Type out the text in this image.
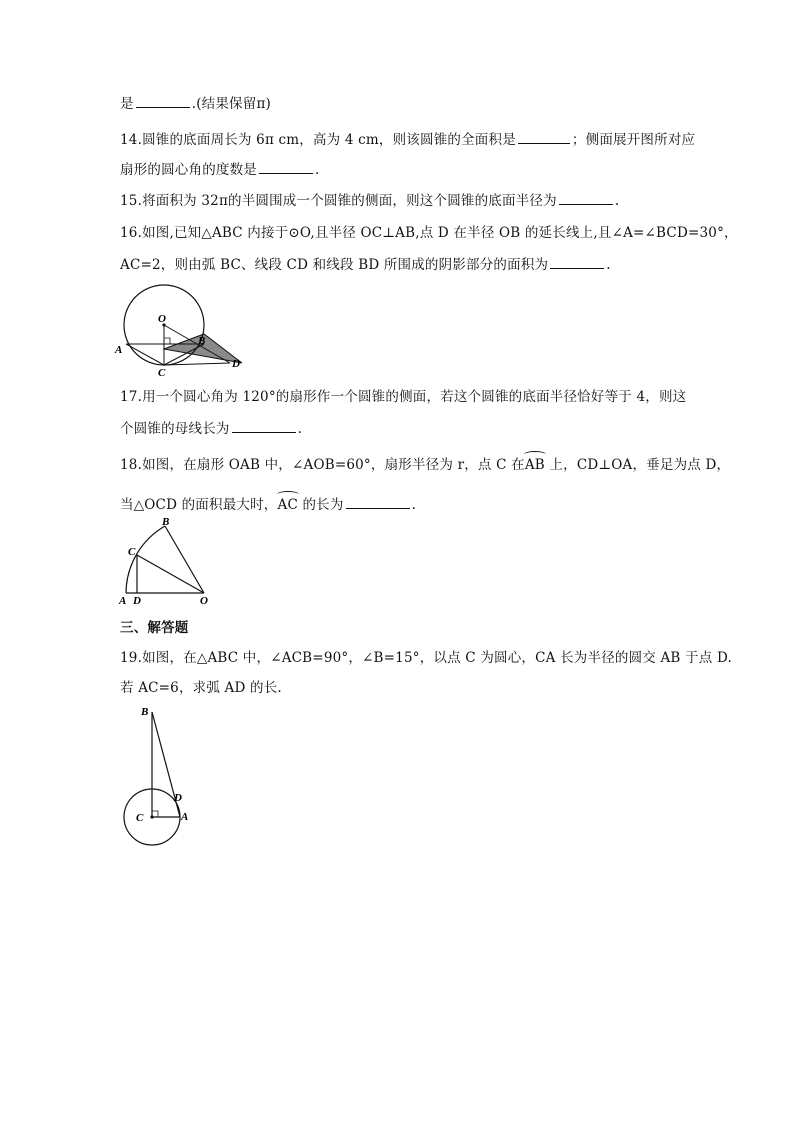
是	.(结果保留π)
14.圆锥的底面周长为 6π cm，高为 4 cm，则该圆锥的全面积是	；侧面展开图所对应
扇形的圆心角的度数是	.
15.将面积为 32π的半圆围成一个圆锥的侧面，则这个圆锥的底面半径为	.
16.如图,已知△ABC 内接于⊙O,且半径 OC⊥AB,点 D 在半径 OB 的延长线上,且∠A=∠BCD=30°，
AC=2，则由弧 BC、线段 CD 和线段 BD 所围成的阴影部分的面积为	.
O
A
B
C
D
17.用一个圆心角为 120°的扇形作一个圆锥的侧面，若这个圆锥的底面半径恰好等于 4，则这
个圆锥的母线长为	.
18.如图，在扇形 OAB 中，∠AOB=60°，扇形半径为 r，点 C 在
AB 上，CD⊥OA，垂足为点 D，
当△OCD 的面积最大时，
AC 的长为	.
B
C
A D	O
三、解答题
19.如图，在△ABC 中，∠ACB=90°，∠B=15°，以点 C 为圆心，CA 长为半径的圆交 AB 于点 D.
若 AC=6，求弧 AD 的长.
B
D
C	A
